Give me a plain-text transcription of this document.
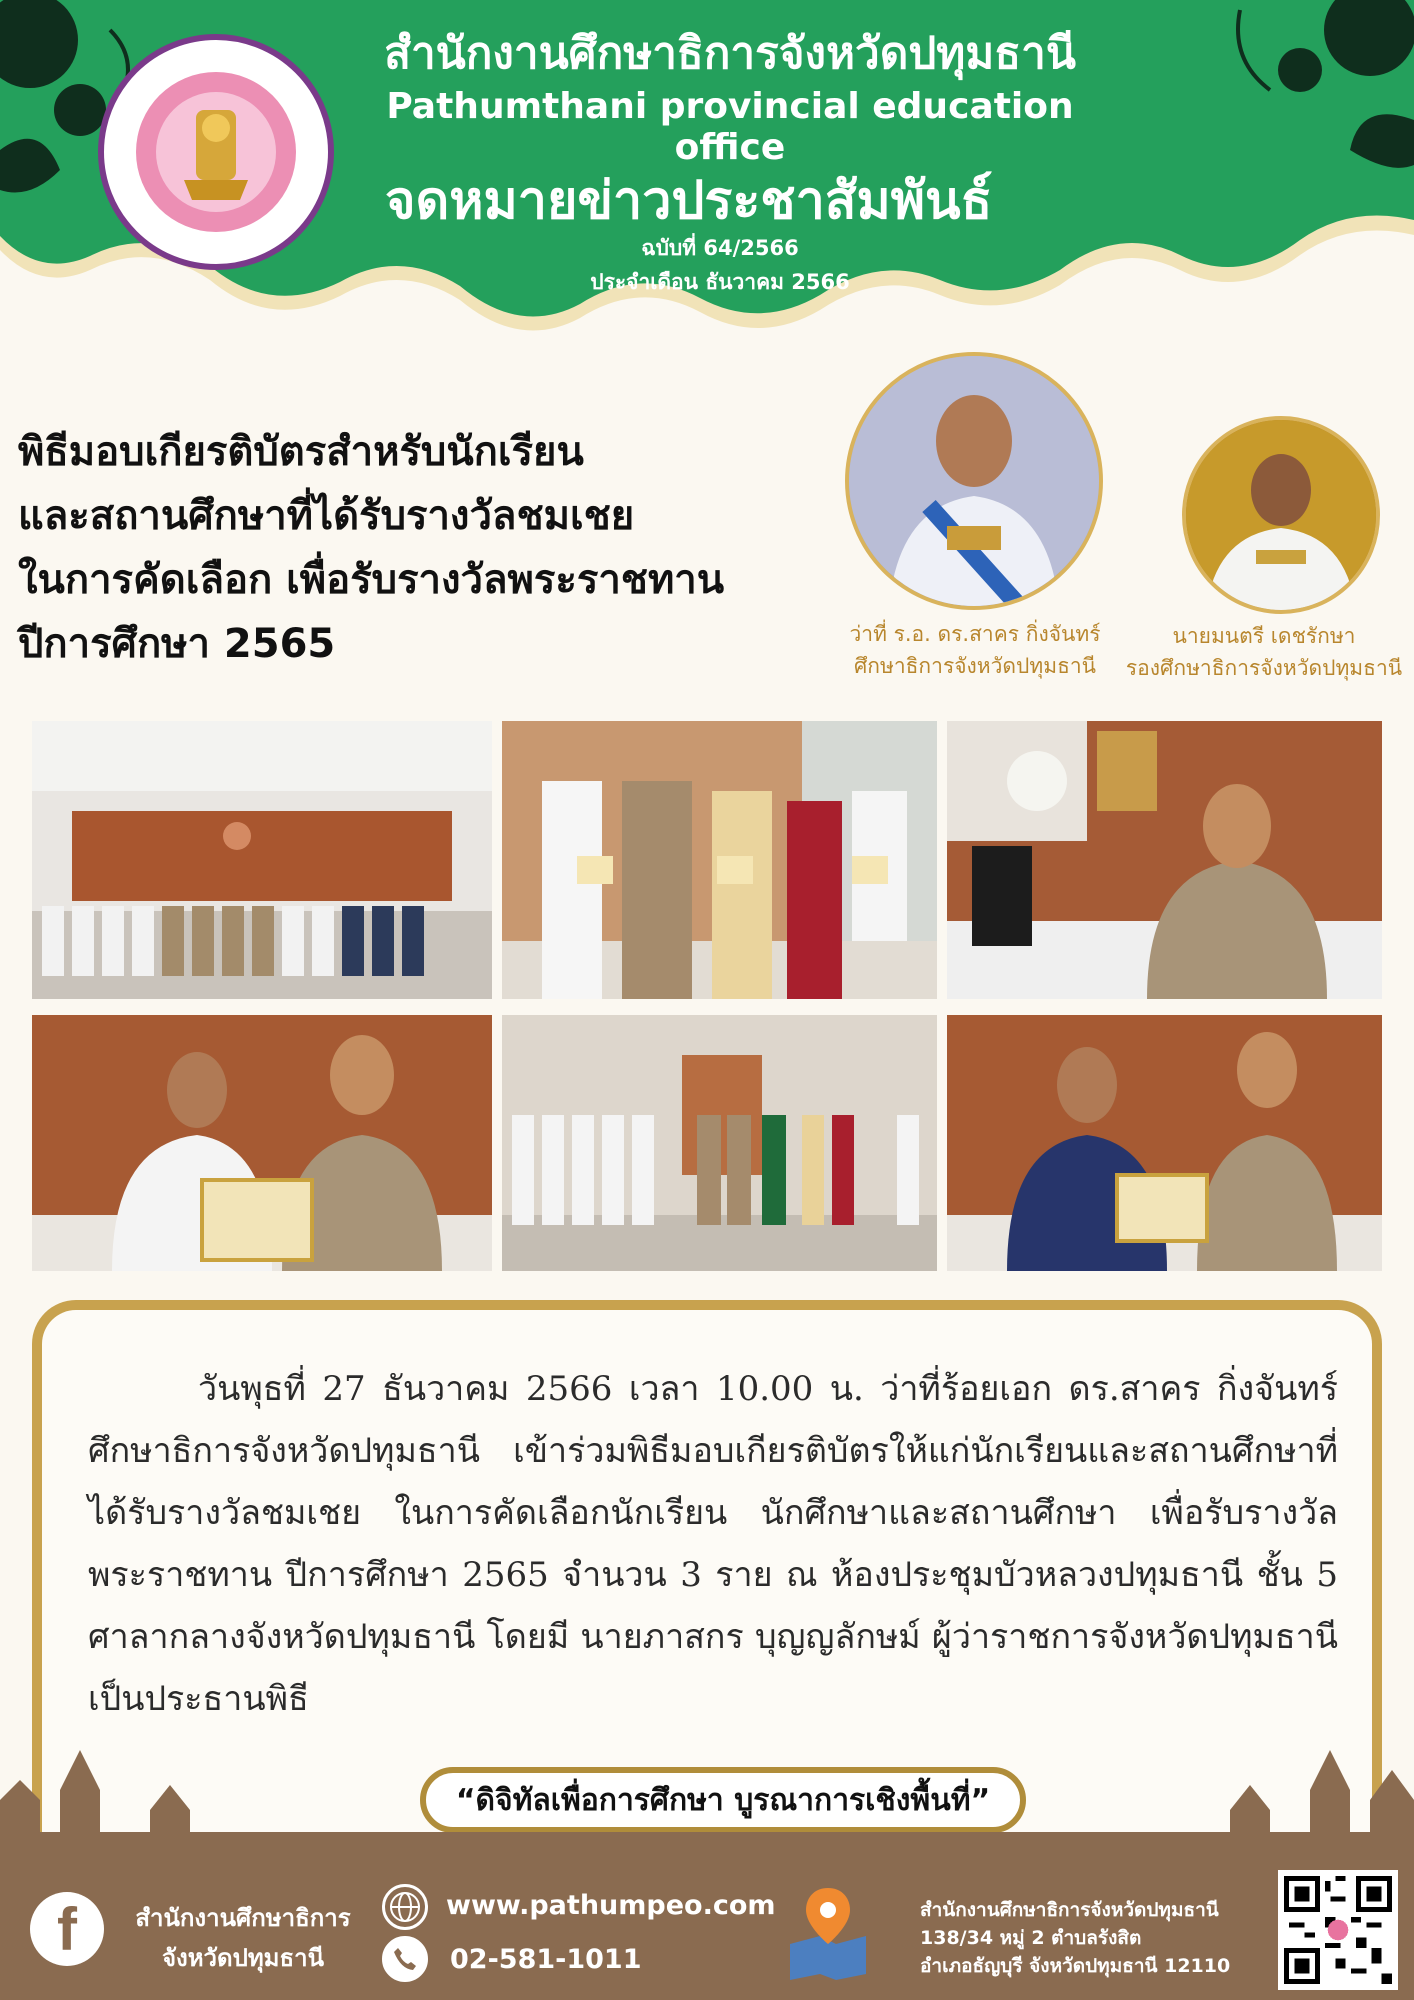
สำนักงานศึกษาธิการจังหวัดปทุมธานี
Pathumthani provincial education office
จดหมายข่าวประชาสัมพันธ์
ฉบับที่ 64/2566
ประจำเดือน ธันวาคม 2566
พิธีมอบเกียรติบัตรสำหรับนักเรียน
และสถานศึกษาที่ได้รับรางวัลชมเชย
ในการคัดเลือก เพื่อรับรางวัลพระราชทาน
ปีการศึกษา 2565	ว่าที่ ร.อ. ดร.สาคร กิ่งจันทร์
ศึกษาธิการจังหวัดปทุมธานี
นายมนตรี เดชรักษา
รองศึกษาธิการจังหวัดปทุมธานี
วันพุธที่ 27 ธันวาคม 2566 เวลา 10.00 น. ว่าที่ร้อยเอก ดร.สาคร กิ่งจันทร์ ศึกษาธิการจังหวัดปทุมธานี เข้าร่วมพิธีมอบเกียรติบัตรให้แก่นักเรียนและสถานศึกษาที่ได้รับรางวัลชมเชย ในการคัดเลือกนักเรียน นักศึกษาและสถานศึกษา เพื่อรับรางวัลพระราชทาน ปีการศึกษา 2565 จำนวน 3 ราย ณ ห้องประชุมบัวหลวงปทุมธานี ชั้น 5 ศาลากลางจังหวัดปทุมธานี โดยมี นายภาสกร บุญญลักษม์ ผู้ว่าราชการจังหวัดปทุมธานี เป็นประธานพิธี
“ดิจิทัลเพื่อการศึกษา บูรณาการเชิงพื้นที่”
f	สำนักงานศึกษาธิการ
จังหวัดปทุมธานี
www.pathumpeo.com
02-581-1011
สำนักงานศึกษาธิการจังหวัดปทุมธานี
138/34 หมู่ 2 ตำบลรังสิต
อำเภอธัญบุรี จังหวัดปทุมธานี 12110
